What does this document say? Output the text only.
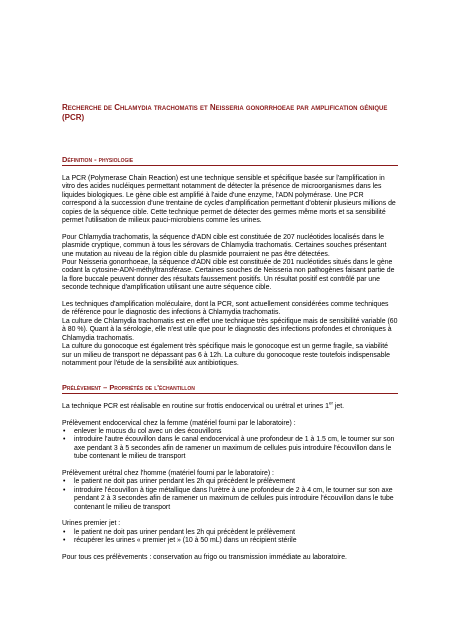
Recherche de Chlamydia trachomatis et Neisseria gonorrhoeae par amplification génique (PCR)
Définition - physiologie

La PCR (Polymerase Chain Reaction) est une technique sensible et spécifique basée sur l'amplification in vitro des acides nucléiques permettant notamment de détecter la présence de microorganismes dans les liquides biologiques. Le gène cible est amplifié à l'aide d'une enzyme, l'ADN polymérase. Une PCR correspond à la succession d'une trentaine de cycles d'amplification permettant d'obtenir plusieurs millions de copies de la séquence cible. Cette technique permet de détecter des germes même morts et sa sensibilité permet l'utilisation de milieux pauci-microbiens comme les urines.

Pour Chlamydia trachomatis, la séquence d'ADN cible est constituée de 207 nucléotides localisés dans le plasmide cryptique, commun à tous les sérovars de Chlamydia trachomatis. Certaines souches présentant une mutation au niveau de la région cible du plasmide pourraient ne pas être détectées.

Pour Neisseria gonorrhoeae, la séquence d'ADN cible est constituée de 201 nucléotides situés dans le gène codant la cytosine-ADN-méthyltransférase. Certaines souches de Neisseria non pathogènes faisant partie de la flore buccale peuvent donner des résultats faussement positifs. Un résultat positif est contrôlé par une seconde technique d'amplification utilisant une autre séquence cible.

Les techniques d'amplification moléculaire, dont la PCR, sont actuellement considérées comme techniques de référence pour le diagnostic des infections à Chlamydia trachomatis.

La culture de Chlamydia trachomatis est en effet une technique très spécifique mais de sensibilité variable (60 à 80 %). Quant à la sérologie, elle n'est utile que pour le diagnostic des infections profondes et chroniques à Chlamydia trachomatis.

La culture du gonocoque est également très spécifique mais le gonocoque est un germe fragile, sa viabilité sur un milieu de transport ne dépassant pas 6 à 12h. La culture du gonocoque reste toutefois indispensable notamment pour l'étude de la sensibilité aux antibiotiques.

Prélèvement – Propriétés de l'échantillon

La technique PCR est réalisable en routine sur frottis endocervical ou urétral et urines 1er jet.

Prélèvement endocervical chez la femme (matériel fourni par le laboratoire) :

• enlever le mucus du col avec un des écouvillons
• introduire l'autre écouvillon dans le canal endocervical à une profondeur de 1 à 1.5 cm, le tourner sur son axe pendant 3 à 5 secondes afin de ramener un maximum de cellules puis introduire l'écouvillon dans le tube contenant le milieu de transport

Prélèvement urétral chez l'homme (matériel fourni par le laboratoire) :

• le patient ne doit pas uriner pendant les 2h qui précèdent le prélèvement
• introduire l'écouvillon à tige métallique dans l'urètre à une profondeur de 2 à 4 cm, le tourner sur son axe pendant 2 à 3 secondes afin de ramener un maximum de cellules puis introduire l'écouvillon dans le tube contenant le milieu de transport

Urines premier jet :

• le patient ne doit pas uriner pendant les 2h qui précèdent le prélèvement
• récupérer les urines « premier jet » (10 à 50 mL) dans un récipient stérile

Pour tous ces prélèvements : conservation au frigo ou transmission immédiate au laboratoire.
